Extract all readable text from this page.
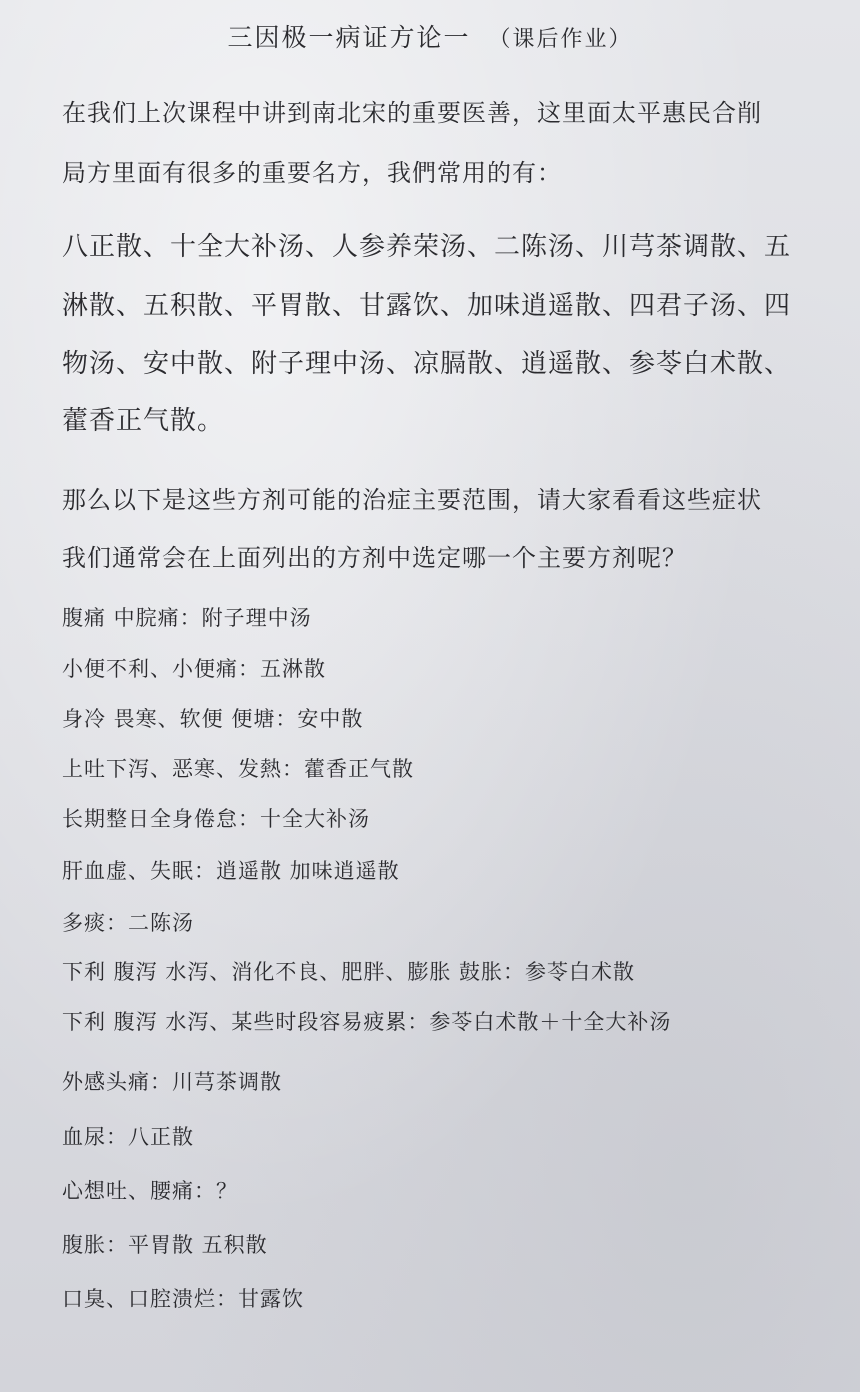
三因极一病证方论一 （课后作业）
在我们上次课程中讲到南北宋的重要医善，这里面太平惠民合削
局方里面有很多的重要名方，我們常用的有：
八正散、十全大补汤、人参养荣汤、二陈汤、川芎茶调散、五
淋散、五积散、平胃散、甘露饮、加味逍遥散、四君子汤、四
物汤、安中散、附子理中汤、凉膈散、逍遥散、参苓白术散、
藿香正气散。
那么以下是这些方剂可能的治症主要范围，请大家看看这些症状
我们通常会在上面列出的方剂中选定哪一个主要方剂呢？
腹痛 中脘痛：附子理中汤
小便不利、小便痛：五淋散
身冷 畏寒、软便 便塘：安中散
上吐下泻、恶寒、发熱：藿香正气散
长期整日全身倦怠：十全大补汤
肝血虚、失眠：逍遥散 加味逍遥散
多痰：二陈汤
下利 腹泻 水泻、消化不良、肥胖、膨胀 鼓胀：参苓白术散
下利 腹泻 水泻、某些时段容易疲累：参苓白术散＋十全大补汤
外感头痛：川芎茶调散
血尿：八正散
心想吐、腰痛：？
腹胀：平胃散 五积散
口臭、口腔溃烂：甘露饮
